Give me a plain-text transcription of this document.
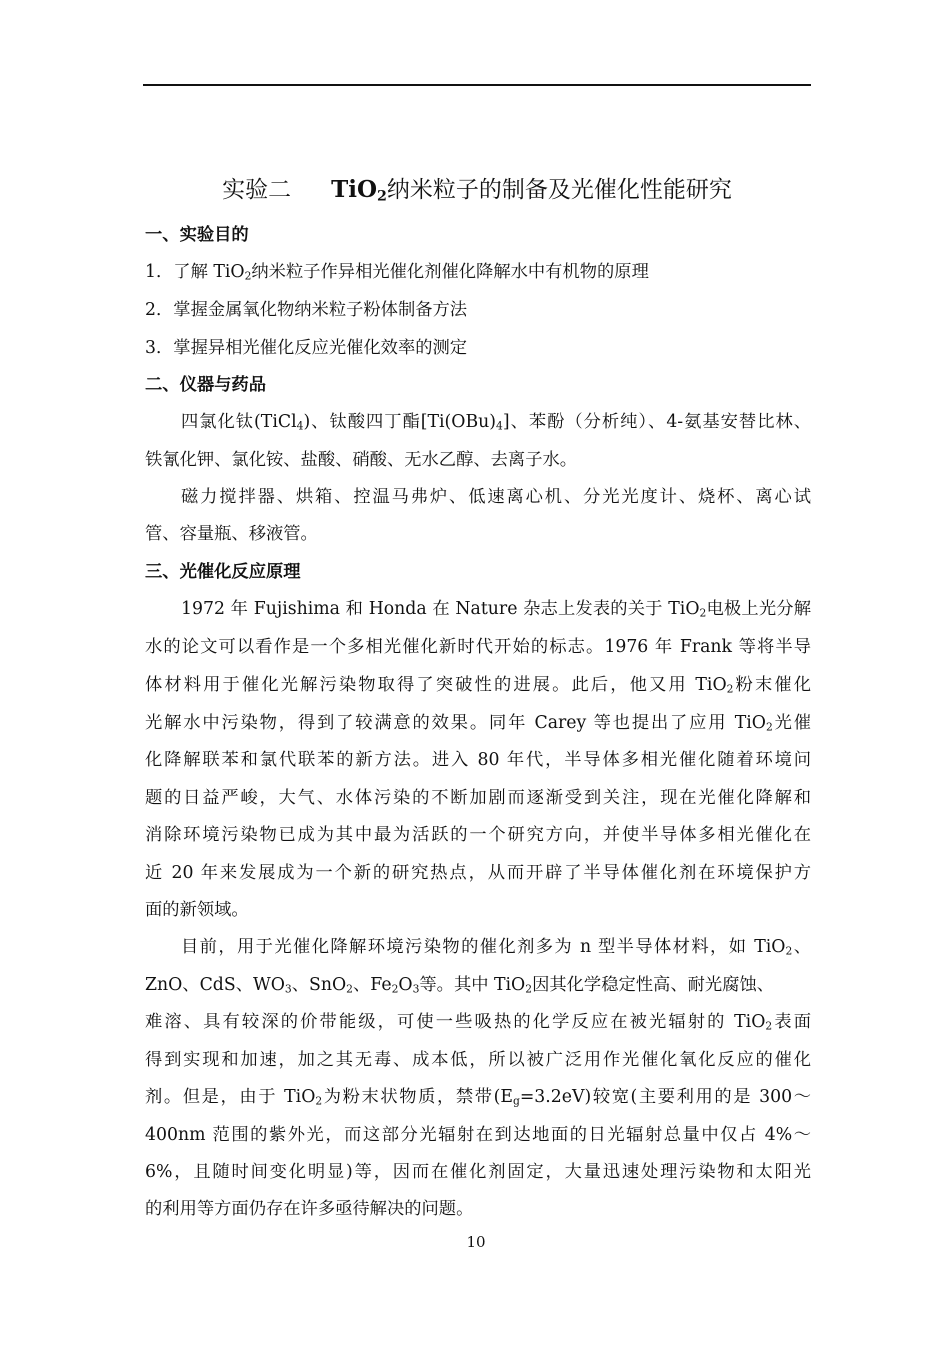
实验二 TiO$_2$纳米粒子的制备及光催化性能研究
一、实验目的
1．了解 TiO$_2$纳米粒子作异相光催化剂催化降解水中有机物的原理
2．掌握金属氧化物纳米粒子粉体制备方法
3．掌握异相光催化反应光催化效率的测定
二、仪器与药品
四氯化钛(TiCl$_4$)、钛酸四丁酯$[Ti(OBu)_4]$、苯酚（分析纯）、4-氨基安替比林、
铁氰化钾、氯化铵、盐酸、硝酸、无水乙醇、去离子水。
磁力搅拌器、烘箱、控温马弗炉、低速离心机、分光光度计、烧杯、离心试
管、容量瓶、移液管。
三、光催化反应原理
1972 年 Fujishima 和 Honda 在 Nature 杂志上发表的关于 TiO$_2$电极上光分解
水的论文可以看作是一个多相光催化新时代开始的标志。1976 年 Frank 等将半导
体材料用于催化光解污染物取得了突破性的进展。此后，他又用 TiO$_2$粉末催化
光解水中污染物，得到了较满意的效果。同年 Carey 等也提出了应用 TiO$_2$光催
化降解联苯和氯代联苯的新方法。进入 80 年代，半导体多相光催化随着环境问
题的日益严峻，大气、水体污染的不断加剧而逐渐受到关注，现在光催化降解和
消除环境污染物已成为其中最为活跃的一个研究方向，并使半导体多相光催化在
近 20 年来发展成为一个新的研究热点，从而开辟了半导体催化剂在环境保护方
面的新领域。
目前，用于光催化降解环境污染物的催化剂多为 n 型半导体材料，如 TiO$_2$、
ZnO、CdS、$WO_3$、SnO$_2$、$Fe_2O_3$等。其中 TiO$_2$因其化学稳定性高、耐光腐蚀、
难溶、具有较深的价带能级，可使一些吸热的化学反应在被光辐射的 TiO$_2$表面
得到实现和加速，加之其无毒、成本低，所以被广泛用作光催化氧化反应的催化
剂。但是，由于 TiO$_2$为粉末状物质，禁带$(E_g=3.2eV)$较宽(主要利用的是 300～
400nm 范围的紫外光，而这部分光辐射在到达地面的日光辐射总量中仅占 4%～
6%，且随时间变化明显)等，因而在催化剂固定，大量迅速处理污染物和太阳光
的利用等方面仍存在许多亟待解决的问题。
10
